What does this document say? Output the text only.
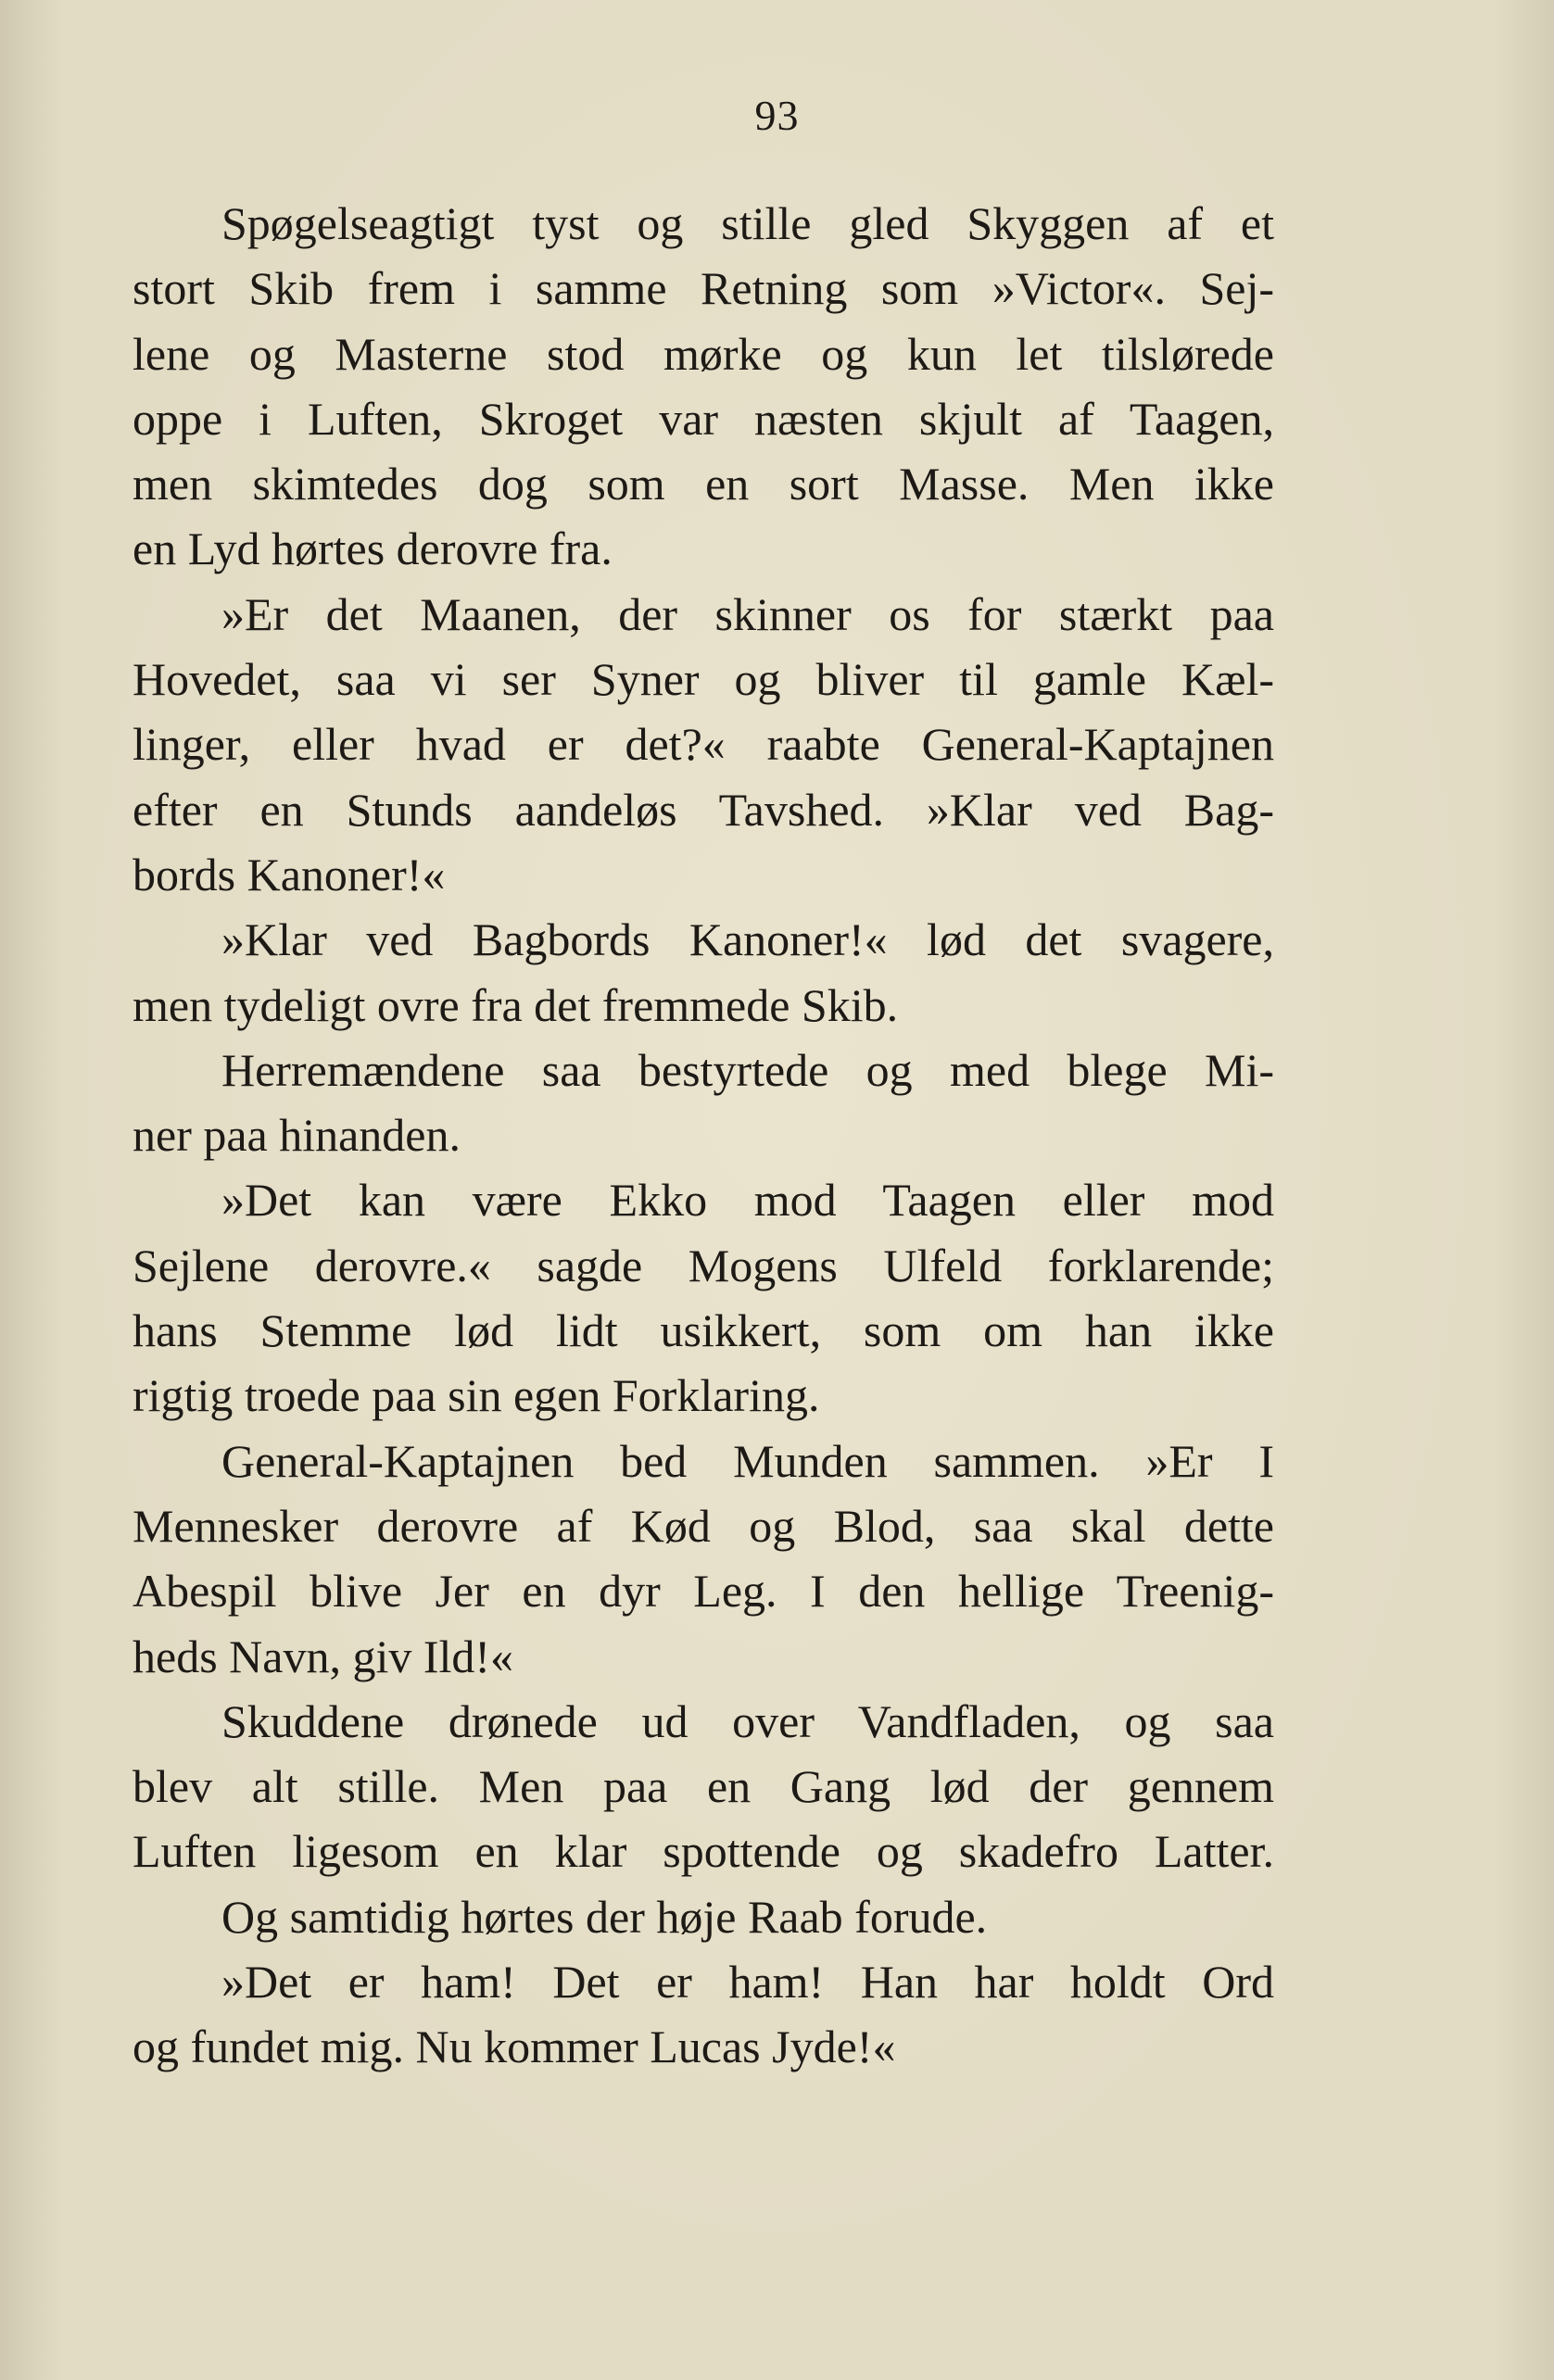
93
Spøgelseagtigt tyst og stille gled Skyggen af et
stort Skib frem i samme Retning som »Victor«. Sej-
lene og Masterne stod mørke og kun let tilslørede
oppe i Luften, Skroget var næsten skjult af Taagen,
men skimtedes dog som en sort Masse. Men ikke
en Lyd hørtes derovre fra.
»Er det Maanen, der skinner os for stærkt paa
Hovedet, saa vi ser Syner og bliver til gamle Kæl-
linger, eller hvad er det?« raabte General-Kaptajnen
efter en Stunds aandeløs Tavshed. »Klar ved Bag-
bords Kanoner!«
»Klar ved Bagbords Kanoner!« lød det svagere,
men tydeligt ovre fra det fremmede Skib.
Herremændene saa bestyrtede og med blege Mi-
ner paa hinanden.
»Det kan være Ekko mod Taagen eller mod
Sejlene derovre.« sagde Mogens Ulfeld forklarende;
hans Stemme lød lidt usikkert, som om han ikke
rigtig troede paa sin egen Forklaring.
General-Kaptajnen bed Munden sammen. »Er I
Mennesker derovre af Kød og Blod, saa skal dette
Abespil blive Jer en dyr Leg. I den hellige Treenig-
heds Navn, giv Ild!«
Skuddene drønede ud over Vandfladen, og saa
blev alt stille. Men paa en Gang lød der gennem
Luften ligesom en klar spottende og skadefro Latter.
Og samtidig hørtes der høje Raab forude.
»Det er ham! Det er ham! Han har holdt Ord
og fundet mig. Nu kommer Lucas Jyde!«
